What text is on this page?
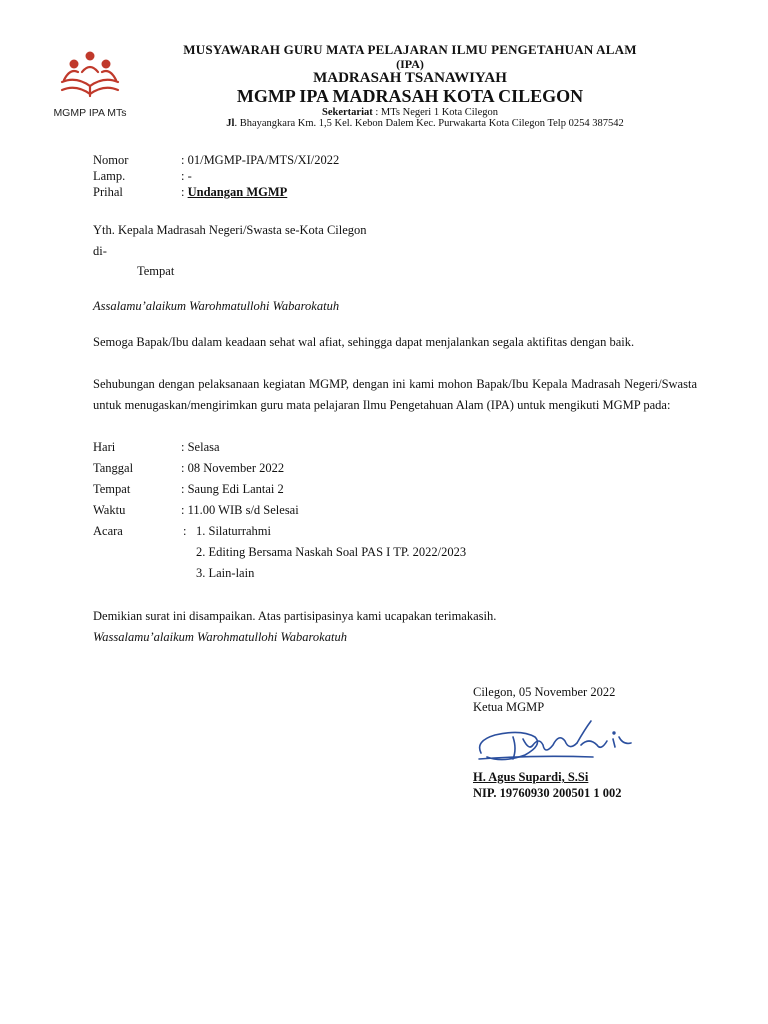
MGMP IPA MTs
MUSYAWARAH GURU MATA PELAJARAN ILMU PENGETAHUAN ALAM
(IPA)
MADRASAH TSANAWIYAH
MGMP IPA MADRASAH KOTA CILEGON
Sekertariat : MTs Negeri 1 Kota Cilegon
Jl. Bhayangkara Km. 1,5 Kel. Kebon Dalem Kec. Purwakarta Kota Cilegon Telp 0254 387542
Nomor	: 01/MGMP-IPA/MTS/XI/2022
Lamp.	: -
Prihal	: Undangan MGMP
Yth. Kepala Madrasah Negeri/Swasta se-Kota Cilegon
di-
Tempat
Assalamu’alaikum Warohmatullohi Wabarokatuh
Semoga Bapak/Ibu dalam keadaan sehat wal afiat, sehingga dapat menjalankan segala aktifitas dengan baik.
Sehubungan dengan pelaksanaan kegiatan MGMP, dengan ini kami mohon Bapak/Ibu Kepala Madrasah Negeri/Swasta untuk menugaskan/mengirimkan guru mata pelajaran Ilmu Pengetahuan Alam (IPA) untuk mengikuti MGMP pada:
Hari	: Selasa
Tanggal	: 08 November 2022
Tempat	: Saung Edi Lantai 2
Waktu	: 11.00 WIB s/d Selesai
Acara	: 1. Silaturrahmi
2. Editing Bersama Naskah Soal PAS I TP. 2022/2023
3. Lain-lain
Demikian surat ini disampaikan. Atas partisipasinya kami ucapakan terimakasih.
Wassalamu’alaikum Warohmatullohi Wabarokatuh
Cilegon, 05 November 2022
Ketua MGMP
H. Agus Supardi, S.Si
NIP. 19760930 200501 1 002
